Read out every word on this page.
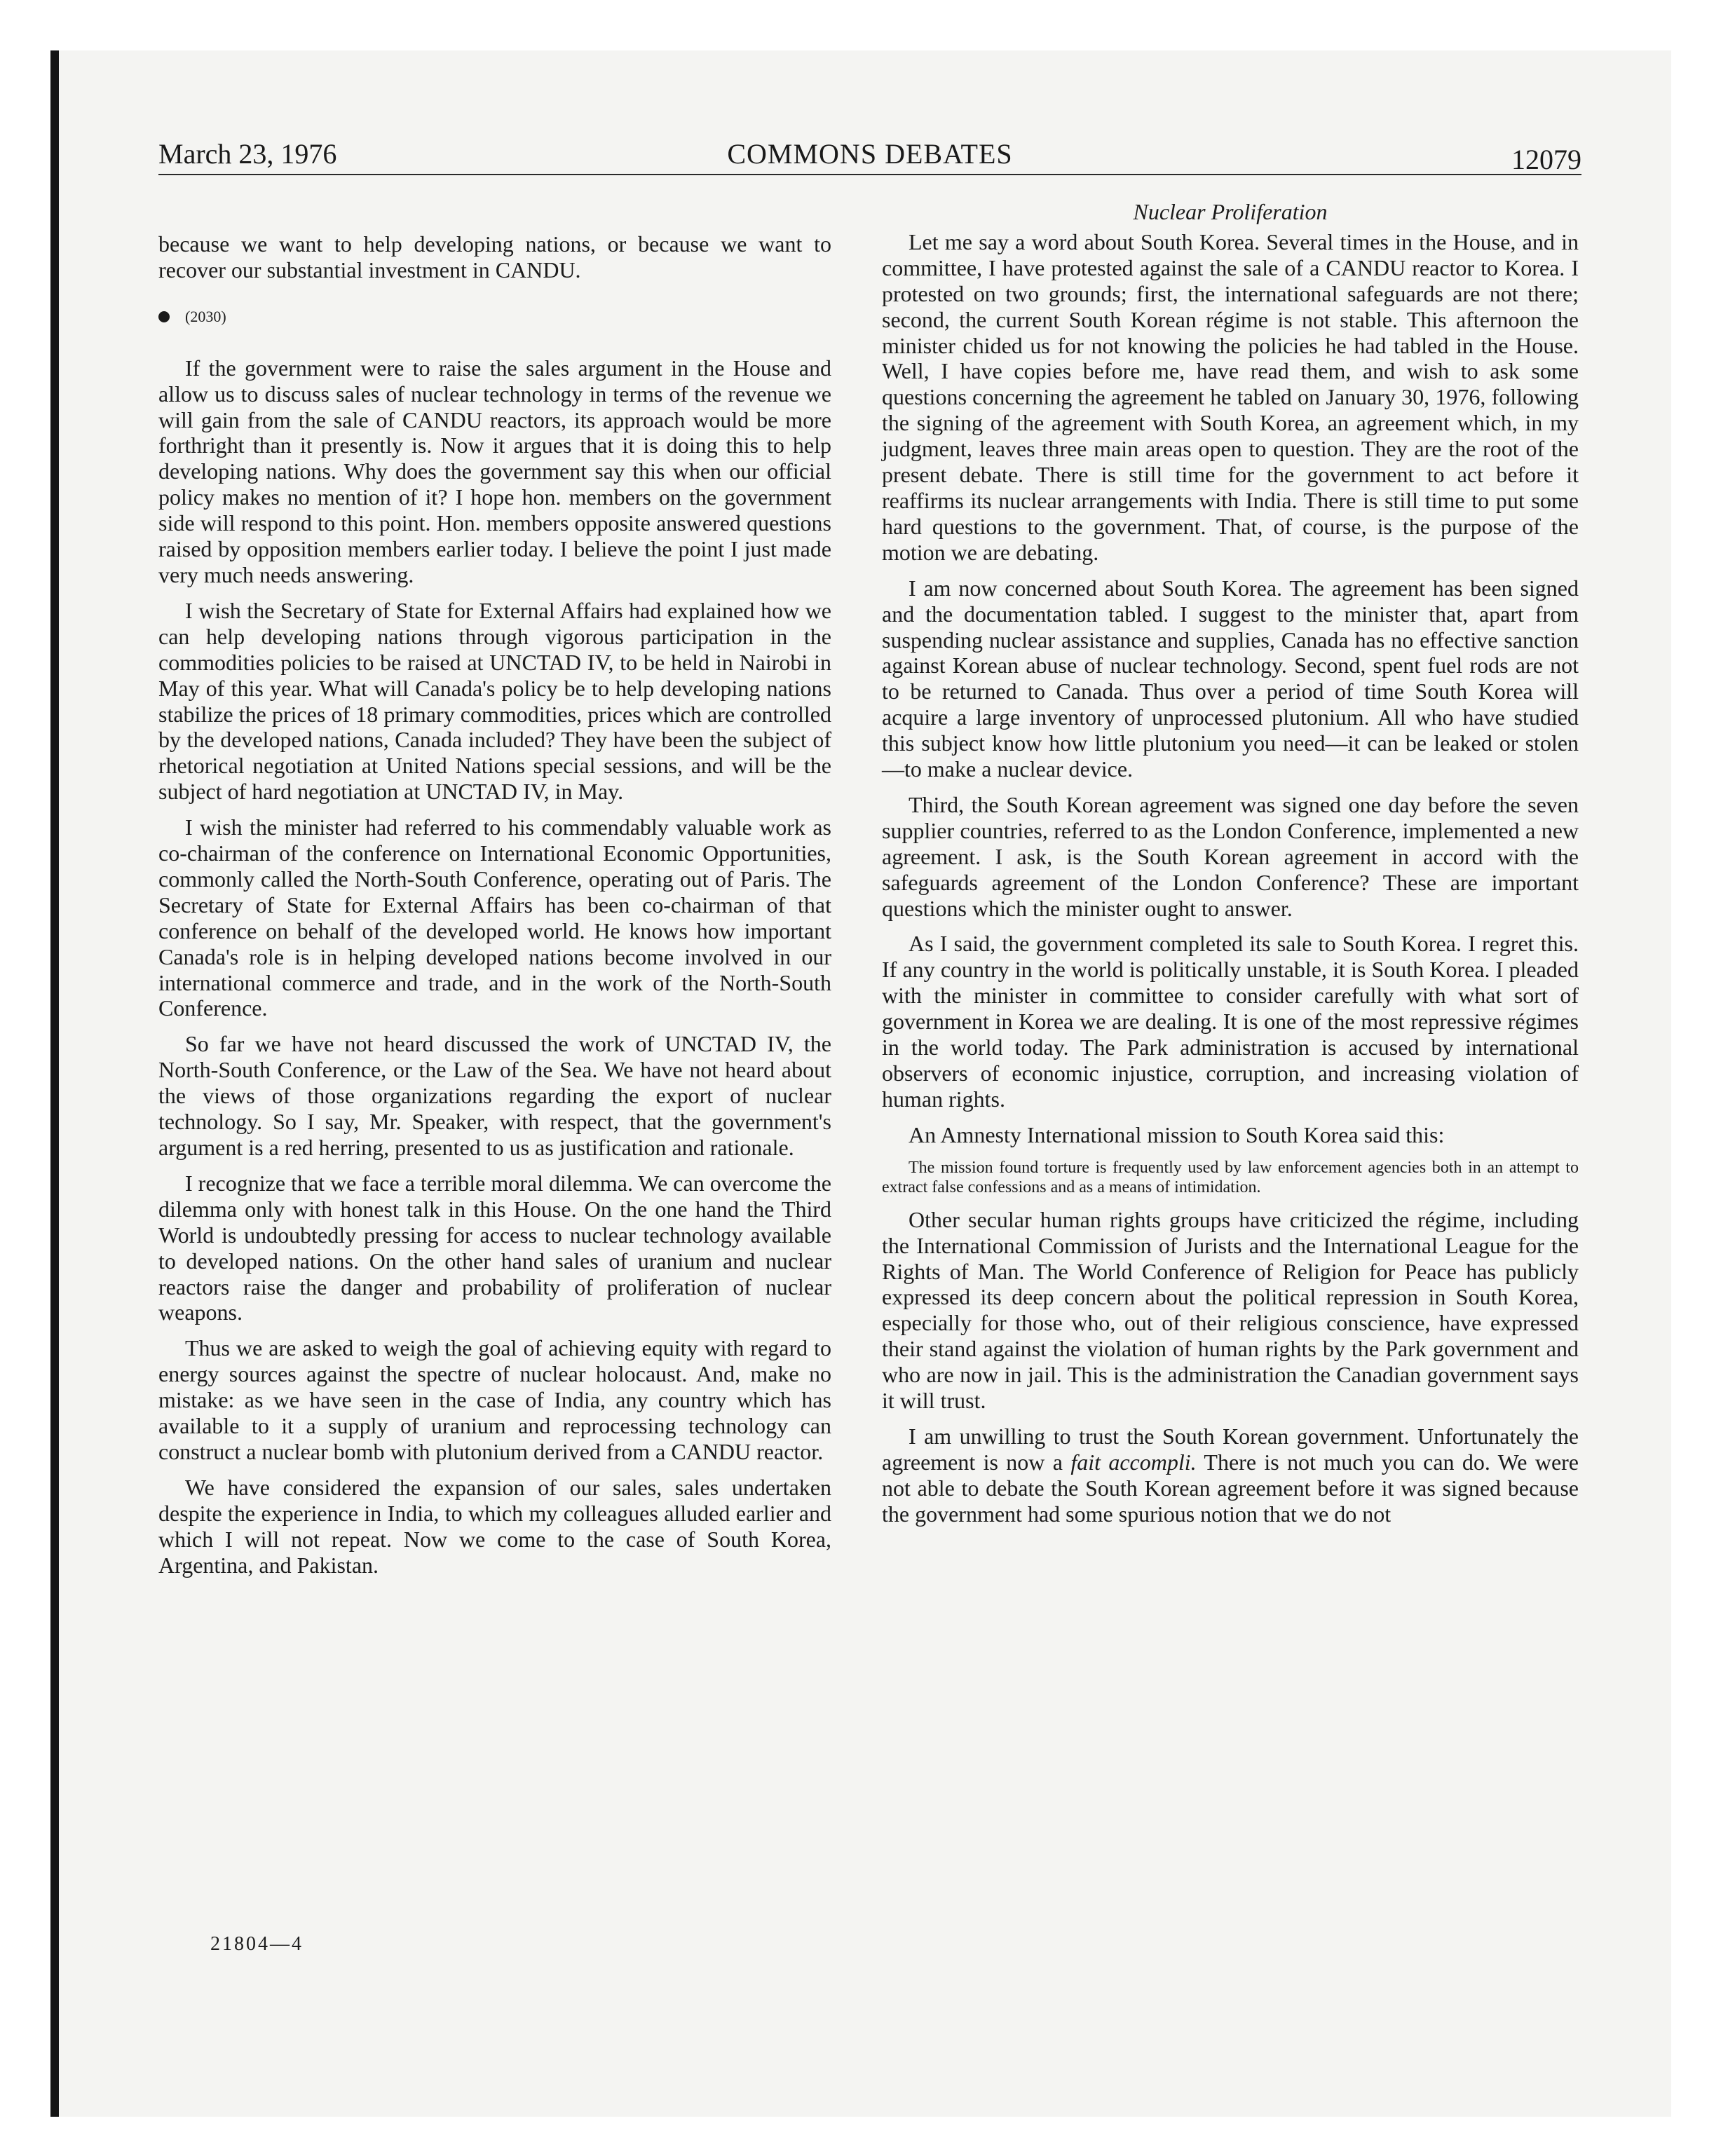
March 23, 1976	COMMONS DEBATES	12079

because we want to help developing nations, or because we want to recover our substantial investment in CANDU.

(2030)

If the government were to raise the sales argument in the House and allow us to discuss sales of nuclear technology in terms of the revenue we will gain from the sale of CANDU reactors, its approach would be more forthright than it presently is. Now it argues that it is doing this to help developing nations. Why does the government say this when our official policy makes no mention of it? I hope hon. members on the government side will respond to this point. Hon. members opposite answered questions raised by opposition members earlier today. I believe the point I just made very much needs answering.

I wish the Secretary of State for External Affairs had explained how we can help developing nations through vigorous participation in the commodities policies to be raised at UNCTAD IV, to be held in Nairobi in May of this year. What will Canada's policy be to help developing nations stabilize the prices of 18 primary commodities, prices which are controlled by the developed nations, Canada included? They have been the subject of rhetorical negotiation at United Nations special sessions, and will be the subject of hard negotiation at UNCTAD IV, in May.

I wish the minister had referred to his commendably valuable work as co-chairman of the conference on International Economic Opportunities, commonly called the North-South Conference, operating out of Paris. The Secretary of State for External Affairs has been co-chairman of that conference on behalf of the developed world. He knows how important Canada's role is in helping developed nations become involved in our international commerce and trade, and in the work of the North-South Conference.

So far we have not heard discussed the work of UNCTAD IV, the North-South Conference, or the Law of the Sea. We have not heard about the views of those organizations regarding the export of nuclear technology. So I say, Mr. Speaker, with respect, that the government's argument is a red herring, presented to us as justification and rationale.

I recognize that we face a terrible moral dilemma. We can overcome the dilemma only with honest talk in this House. On the one hand the Third World is undoubtedly pressing for access to nuclear technology available to developed nations. On the other hand sales of uranium and nuclear reactors raise the danger and probability of proliferation of nuclear weapons.

Thus we are asked to weigh the goal of achieving equity with regard to energy sources against the spectre of nuclear holocaust. And, make no mistake: as we have seen in the case of India, any country which has available to it a supply of uranium and reprocessing technology can construct a nuclear bomb with plutonium derived from a CANDU reactor.

We have considered the expansion of our sales, sales undertaken despite the experience in India, to which my colleagues alluded earlier and which I will not repeat. Now we come to the case of South Korea, Argentina, and Pakistan.

Nuclear Proliferation

Let me say a word about South Korea. Several times in the House, and in committee, I have protested against the sale of a CANDU reactor to Korea. I protested on two grounds; first, the international safeguards are not there; second, the current South Korean régime is not stable. This afternoon the minister chided us for not knowing the policies he had tabled in the House. Well, I have copies before me, have read them, and wish to ask some questions concerning the agreement he tabled on January 30, 1976, following the signing of the agreement with South Korea, an agreement which, in my judgment, leaves three main areas open to question. They are the root of the present debate. There is still time for the government to act before it reaffirms its nuclear arrangements with India. There is still time to put some hard questions to the government. That, of course, is the purpose of the motion we are debating.

I am now concerned about South Korea. The agreement has been signed and the documentation tabled. I suggest to the minister that, apart from suspending nuclear assistance and supplies, Canada has no effective sanction against Korean abuse of nuclear technology. Second, spent fuel rods are not to be returned to Canada. Thus over a period of time South Korea will acquire a large inventory of unprocessed plutonium. All who have studied this subject know how little plutonium you need—it can be leaked or stolen—to make a nuclear device.

Third, the South Korean agreement was signed one day before the seven supplier countries, referred to as the London Conference, implemented a new agreement. I ask, is the South Korean agreement in accord with the safeguards agreement of the London Conference? These are important questions which the minister ought to answer.

As I said, the government completed its sale to South Korea. I regret this. If any country in the world is politically unstable, it is South Korea. I pleaded with the minister in committee to consider carefully with what sort of government in Korea we are dealing. It is one of the most repressive régimes in the world today. The Park administration is accused by international observers of economic injustice, corruption, and increasing violation of human rights.

An Amnesty International mission to South Korea said this:

The mission found torture is frequently used by law enforcement agencies both in an attempt to extract false confessions and as a means of intimidation.

Other secular human rights groups have criticized the régime, including the International Commission of Jurists and the International League for the Rights of Man. The World Conference of Religion for Peace has publicly expressed its deep concern about the political repression in South Korea, especially for those who, out of their religious conscience, have expressed their stand against the violation of human rights by the Park government and who are now in jail. This is the administration the Canadian government says it will trust.

I am unwilling to trust the South Korean government. Unfortunately the agreement is now a fait accompli. There is not much you can do. We were not able to debate the South Korean agreement before it was signed because the government had some spurious notion that we do not

21804—4
